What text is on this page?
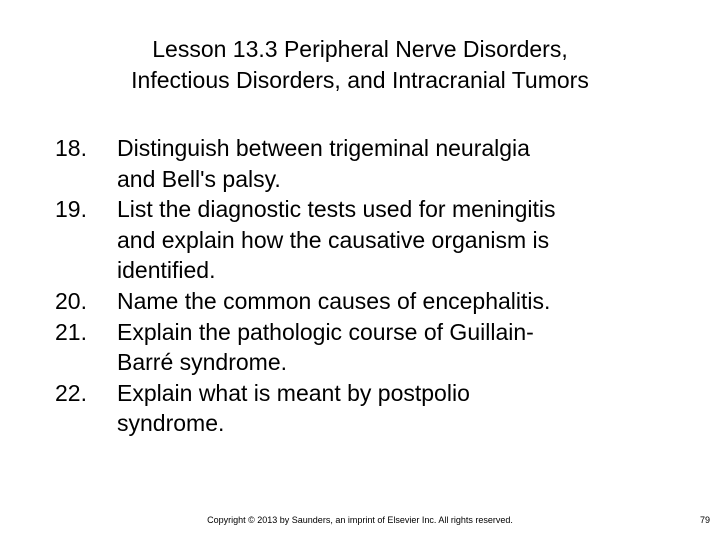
Lesson 13.3 Peripheral Nerve Disorders,
Infectious Disorders, and Intracranial Tumors
18. Distinguish between trigeminal neuralgia
and Bell's palsy.
19. List the diagnostic tests used for meningitis
and explain how the causative organism is
identified.
20. Name the common causes of encephalitis.
21. Explain the pathologic course of Guillain-
Barré syndrome.
22. Explain what is meant by postpolio
syndrome.
Copyright © 2013 by Saunders, an imprint of Elsevier Inc. All rights reserved.	79
